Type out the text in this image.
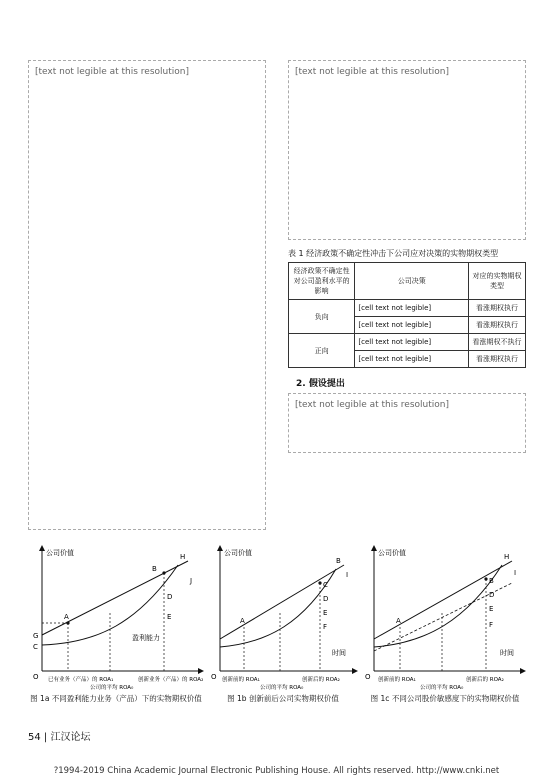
[text not legible at this resolution]	[text not legible at this resolution]
表 1 经济政策不确定性冲击下公司应对决策的实物期权类型
经济政策不确定性对公司盈利水平的影响	公司决策	对应的实物期权类型
负向	[cell text not legible]	看涨期权执行
	[cell text not legible]	看涨期权执行
正向	[cell text not legible]	看涨期权不执行
	[cell text not legible]	看涨期权执行
2. 假设提出
[text not legible at this resolution]
公司价值
盈利能力
H
B
D
E
A
G
C
O
J
已有业务（产品）的 ROA₁
公司的平均 ROA₀
创新业务（产品）的 ROA₂
图 1a 不同盈利能力业务（产品）下的实物期权价值
公司价值
时间
B
C
D
E
F
A
O
I
创新前的 ROA₁
公司的平均 ROA₀
创新后的 ROA₂
图 1b 创新前后公司实物期权价值
公司价值
时间
H
B
D
E
F
A
O
I
创新前的 ROA₁
公司的平均 ROA₀
创新后的 ROA₂
图 1c 不同公司股价敏感度下的实物期权价值
54 | 江汉论坛
?1994-2019 China Academic Journal Electronic Publishing House. All rights reserved. http://www.cnki.net
